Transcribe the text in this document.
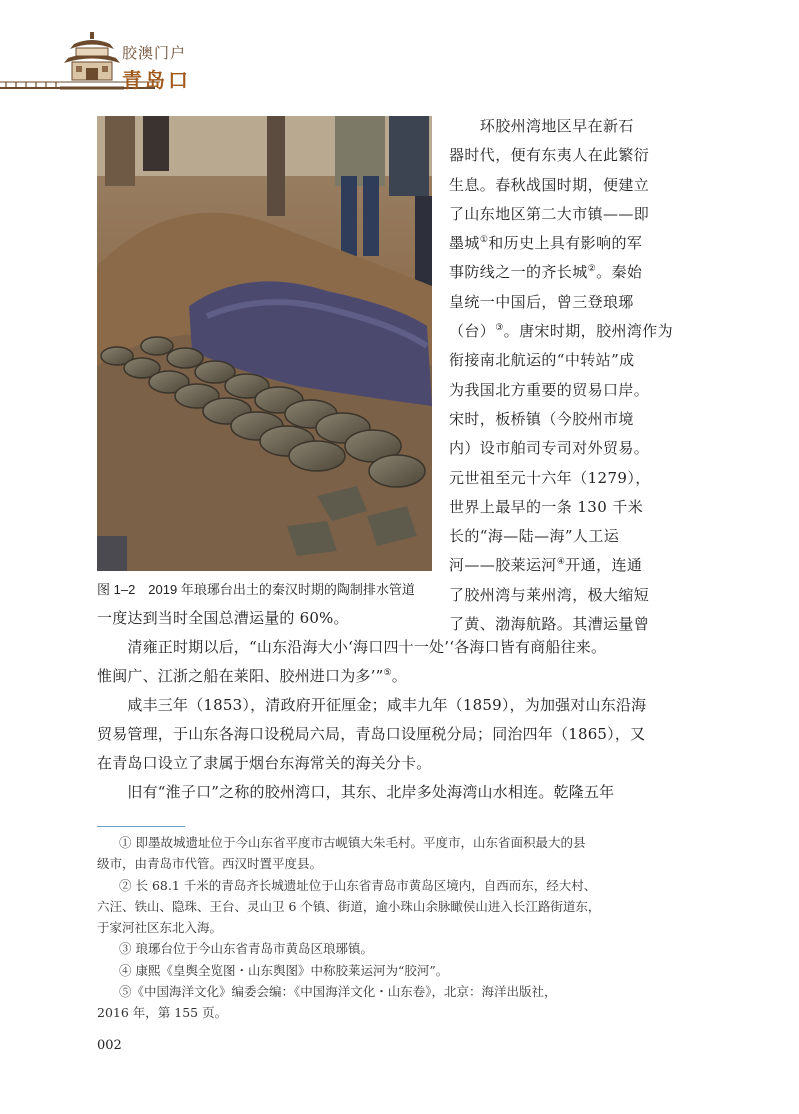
胶澳门户
青岛口
图 1–2　2019 年琅琊台出土的秦汉时期的陶制排水管道
　　环胶州湾地区早在新石
器时代，便有东夷人在此繁衍
生息。春秋战国时期，便建立
了山东地区第二大市镇——即
墨城①和历史上具有影响的军
事防线之一的齐长城②。秦始
皇统一中国后，曾三登琅琊
（台）③。唐宋时期，胶州湾作为
衔接南北航运的“中转站”成
为我国北方重要的贸易口岸。
宋时，板桥镇（今胶州市境
内）设市舶司专司对外贸易。
元世祖至元十六年（1279），
世界上最早的一条 130 千米
长的“海—陆—海”人工运
河——胶莱运河④开通，连通
了胶州湾与莱州湾，极大缩短
了黄、渤海航路。其漕运量曾
一度达到当时全国总漕运量的 60%。
　　清雍正时期以后，“山东沿海大小‘海口四十一处’‘各海口皆有商船往来。
惟闽广、江浙之船在莱阳、胶州进口为多’”⑤。
　　咸丰三年（1853），清政府开征厘金；咸丰九年（1859），为加强对山东沿海
贸易管理，于山东各海口设税局六局，青岛口设厘税分局；同治四年（1865），又
在青岛口设立了隶属于烟台东海常关的海关分卡。
　　旧有“淮子口”之称的胶州湾口，其东、北岸多处海湾山水相连。乾隆五年
① 即墨故城遗址位于今山东省平度市古岘镇大朱毛村。平度市，山东省面积最大的县
级市，由青岛市代管。西汉时置平度县。
② 长 68.1 千米的青岛齐长城遗址位于山东省青岛市黄岛区境内，自西而东，经大村、
六汪、铁山、隐珠、王台、灵山卫 6 个镇、街道，逾小珠山余脉瞰侯山进入长江路街道东，
于家河社区东北入海。
③ 琅琊台位于今山东省青岛市黄岛区琅琊镇。
④ 康熙《皇舆全览图・山东舆图》中称胶莱运河为“胶河”。
⑤《中国海洋文化》编委会编：《中国海洋文化・山东卷》，北京：海洋出版社，
2016 年，第 155 页。
002
